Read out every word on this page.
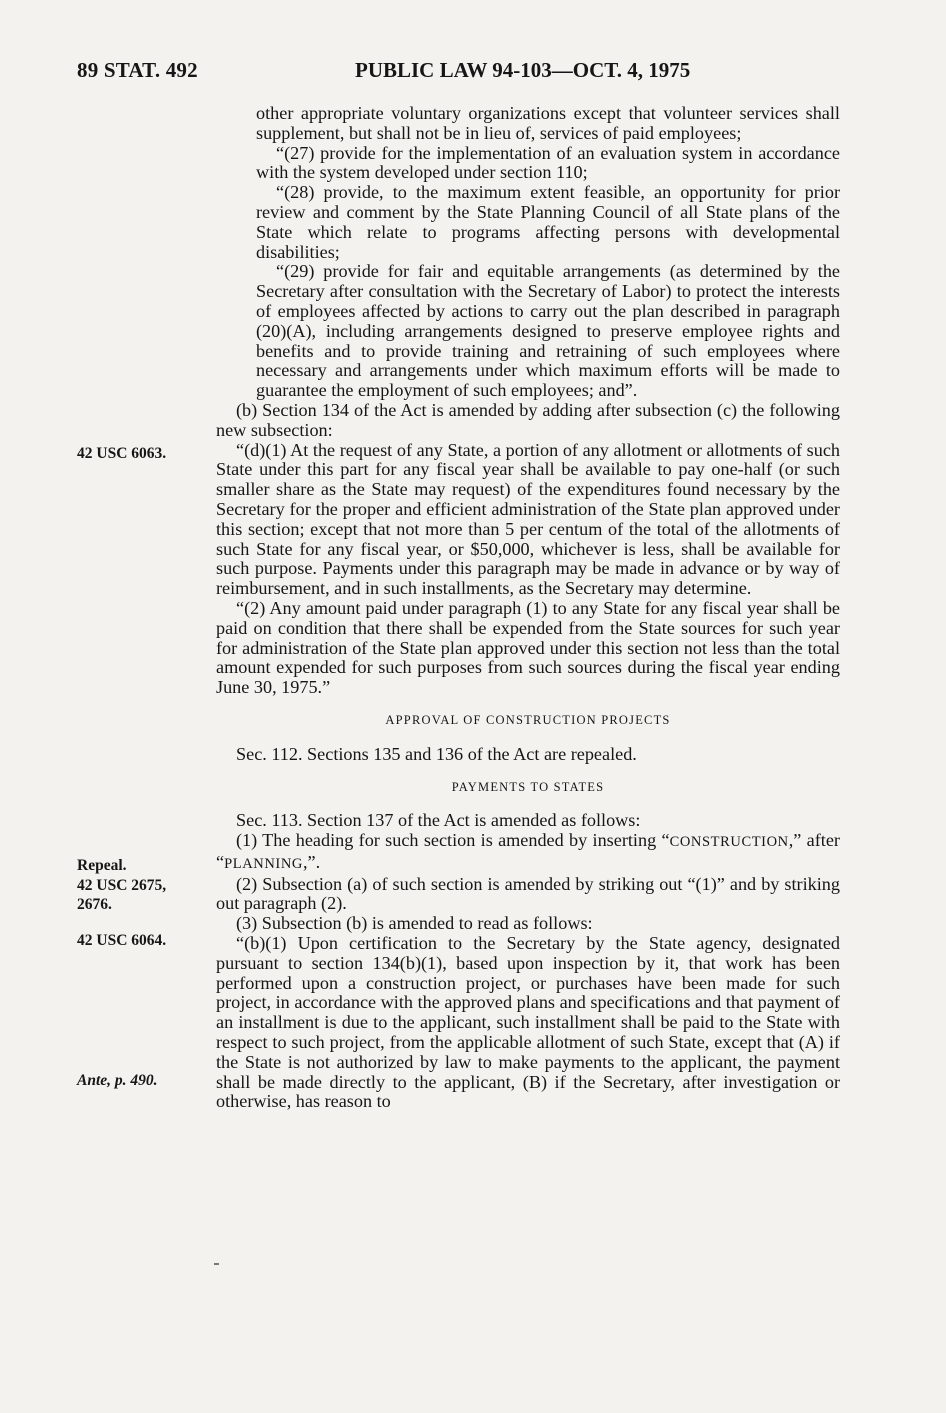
89 STAT. 492	PUBLIC LAW 94-103—OCT. 4, 1975
42 USC 6063.
Repeal.
42 USC 2675,
2676.
42 USC 6064.
Ante, p. 490.

other appropriate voluntary organizations except that volunteer services shall supplement, but shall not be in lieu of, services of paid employees;

“(27) provide for the implementation of an evaluation system in accordance with the system developed under section 110;

“(28) provide, to the maximum extent feasible, an opportunity for prior review and comment by the State Planning Council of all State plans of the State which relate to programs affecting persons with developmental disabilities;

“(29) provide for fair and equitable arrangements (as determined by the Secretary after consultation with the Secretary of Labor) to protect the interests of employees affected by actions to carry out the plan described in paragraph (20)(A), including arrangements designed to preserve employee rights and benefits and to provide training and retraining of such employees where necessary and arrangements under which maximum efforts will be made to guarantee the employment of such employees; and”.

(b) Section 134 of the Act is amended by adding after subsection (c) the following new subsection:

“(d)(1) At the request of any State, a portion of any allotment or allotments of such State under this part for any fiscal year shall be available to pay one-half (or such smaller share as the State may request) of the expenditures found necessary by the Secretary for the proper and efficient administration of the State plan approved under this section; except that not more than 5 per centum of the total of the allotments of such State for any fiscal year, or $50,000, whichever is less, shall be available for such purpose. Payments under this paragraph may be made in advance or by way of reimbursement, and in such installments, as the Secretary may determine.

“(2) Any amount paid under paragraph (1) to any State for any fiscal year shall be paid on condition that there shall be expended from the State sources for such year for administration of the State plan approved under this section not less than the total amount expended for such purposes from such sources during the fiscal year ending June 30, 1975.”

APPROVAL OF CONSTRUCTION PROJECTS

Sec. 112. Sections 135 and 136 of the Act are repealed.

PAYMENTS TO STATES

Sec. 113. Section 137 of the Act is amended as follows:

(1) The heading for such section is amended by inserting “CONSTRUCTION,” after “PLANNING,”.

(2) Subsection (a) of such section is amended by striking out “(1)” and by striking out paragraph (2).

(3) Subsection (b) is amended to read as follows:

“(b)(1) Upon certification to the Secretary by the State agency, designated pursuant to section 134(b)(1), based upon inspection by it, that work has been performed upon a construction project, or purchases have been made for such project, in accordance with the approved plans and specifications and that payment of an installment is due to the applicant, such installment shall be paid to the State with respect to such project, from the applicable allotment of such State, except that (A) if the State is not authorized by law to make payments to the applicant, the payment shall be made directly to the applicant, (B) if the Secretary, after investigation or otherwise, has reason to
